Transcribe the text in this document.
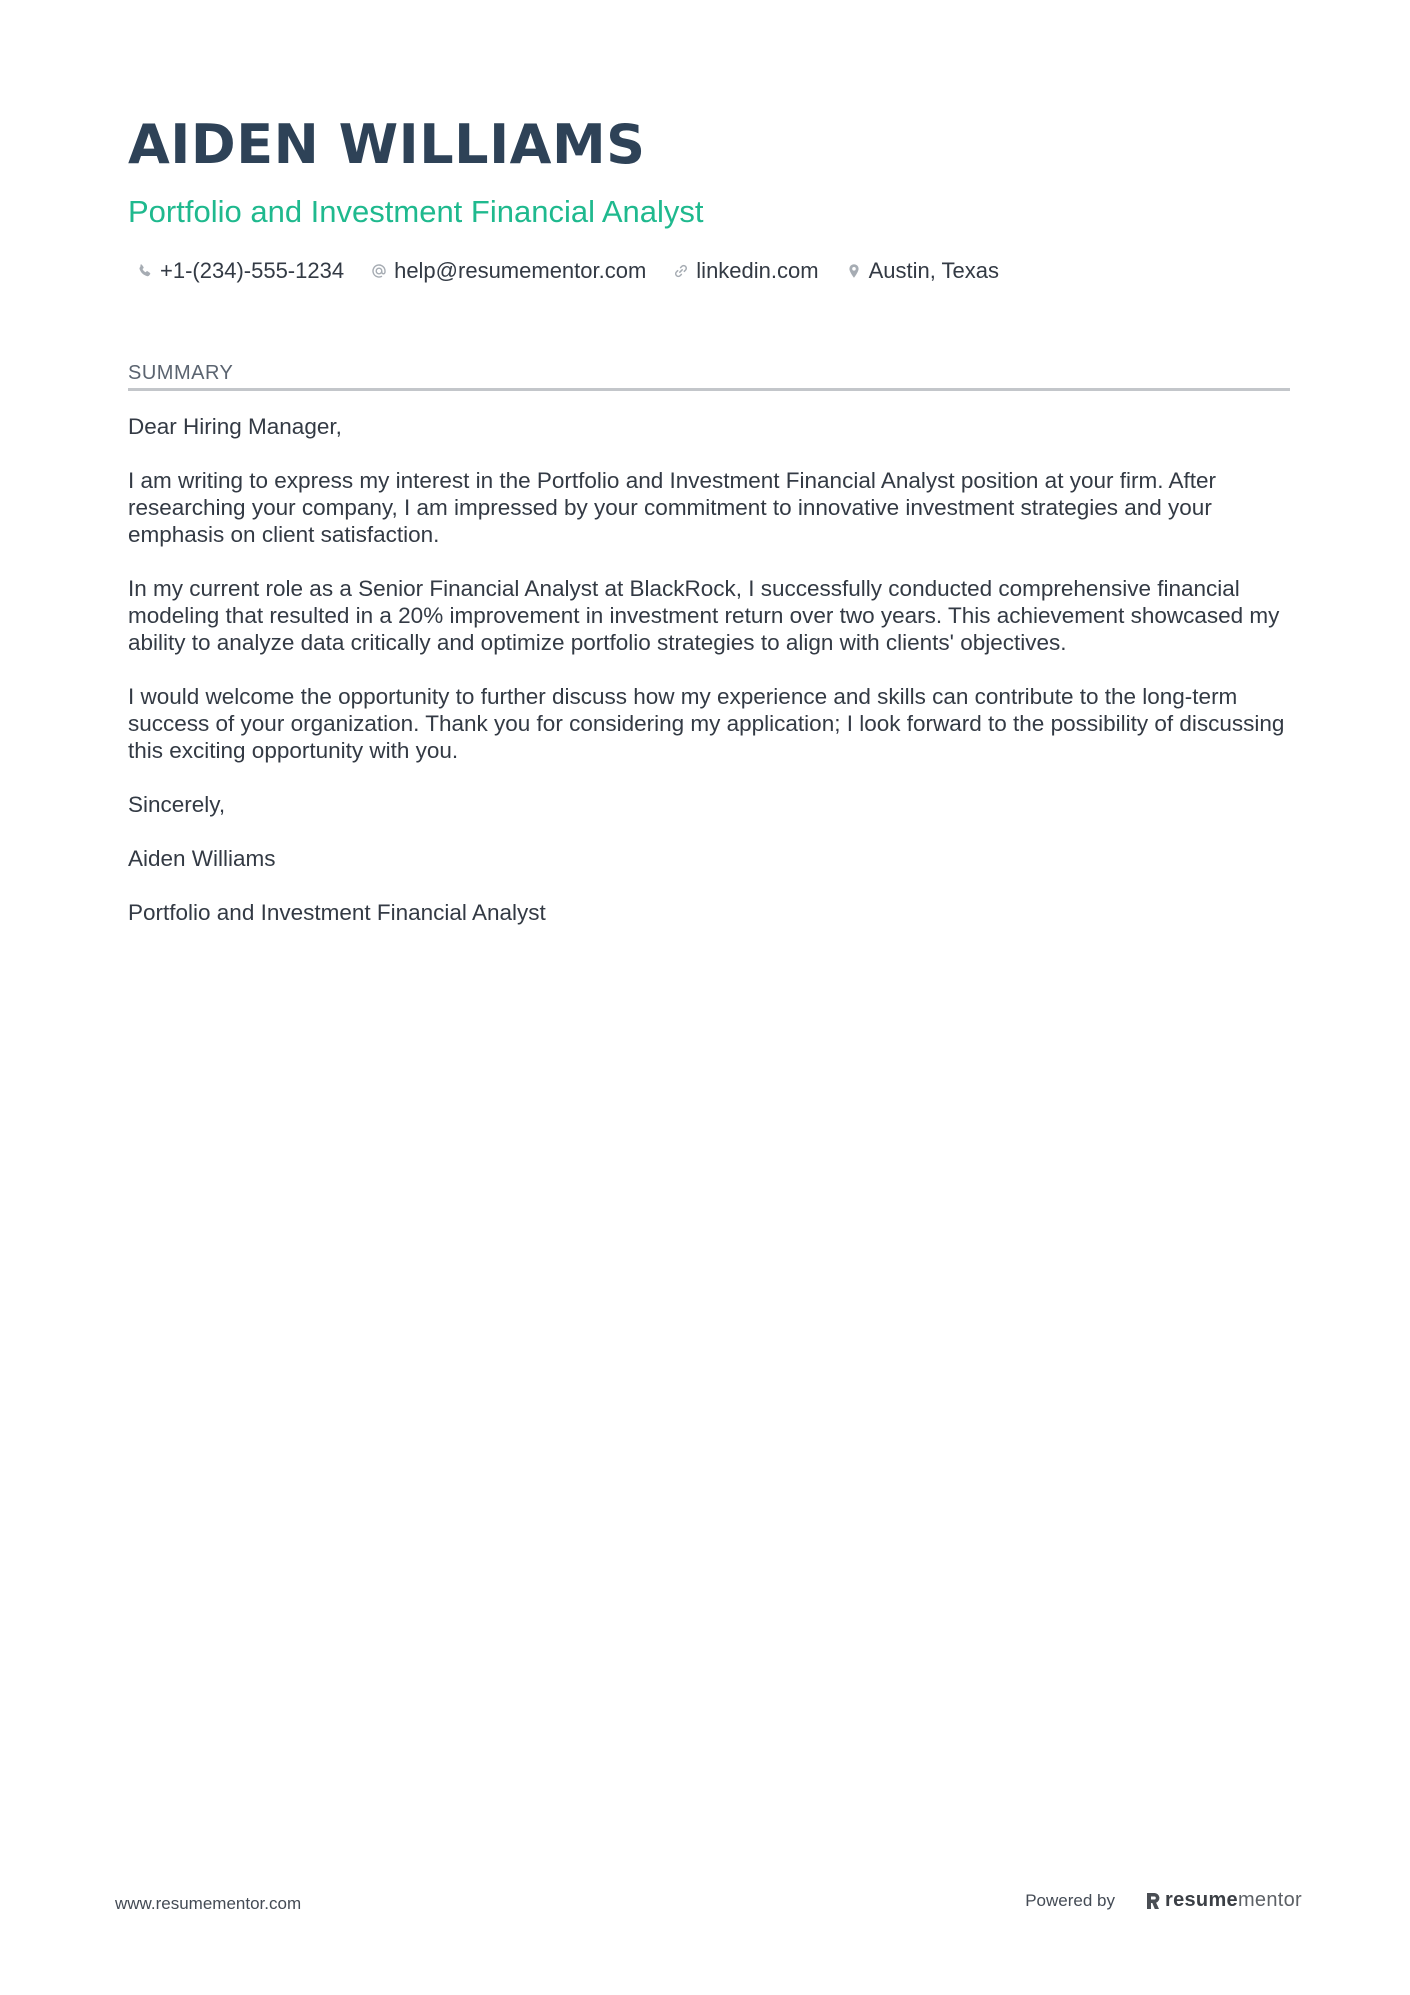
AIDEN WILLIAMS
Portfolio and Investment Financial Analyst
+1-(234)-555-1234 help@resumementor.com linkedin.com Austin, Texas
SUMMARY

Dear Hiring Manager,

I am writing to express my interest in the Portfolio and Investment Financial Analyst position at your firm. After researching your company, I am impressed by your commitment to innovative investment strategies and your emphasis on client satisfaction.

In my current role as a Senior Financial Analyst at BlackRock, I successfully conducted comprehensive financial modeling that resulted in a 20% improvement in investment return over two years. This achievement showcased my ability to analyze data critically and optimize portfolio strategies to align with clients' objectives.

I would welcome the opportunity to further discuss how my experience and skills can contribute to the long-term success of your organization. Thank you for considering my application; I look forward to the possibility of discussing this exciting opportunity with you.

Sincerely,

Aiden Williams

Portfolio and Investment Financial Analyst

www.resumementor.com	Powered by	resume mentor
